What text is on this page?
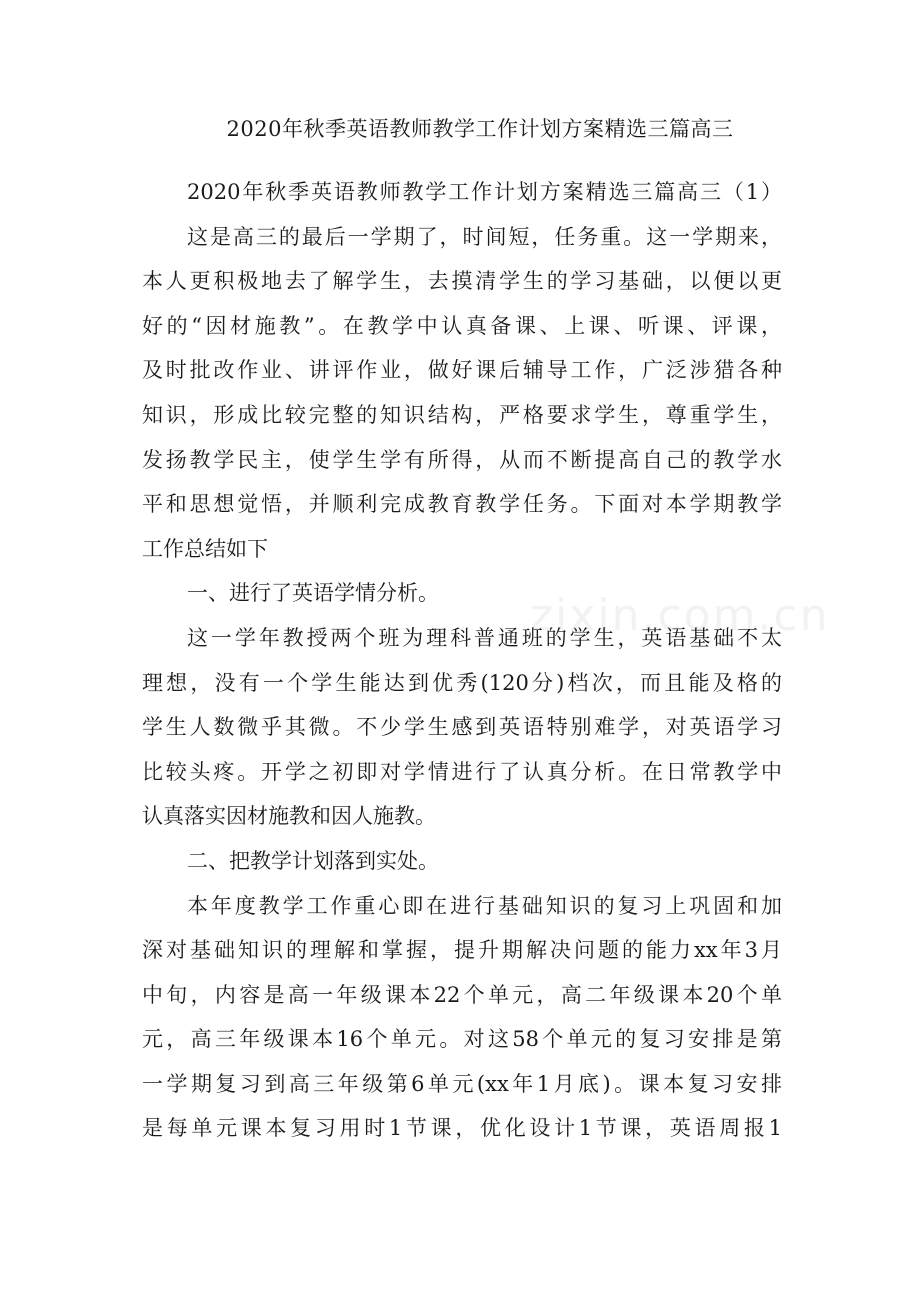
zixin.com.cn
2020年秋季英语教师教学工作计划方案精选三篇高三
2020年秋季英语教师教学工作计划方案精选三篇高三（1）
这是高三的最后一学期了，时间短，任务重。这一学期来，
本人更积极地去了解学生，去摸清学生的学习基础，以便以更
好的“因材施教”。在教学中认真备课、上课、听课、评课，
及时批改作业、讲评作业，做好课后辅导工作，广泛涉猎各种
知识，形成比较完整的知识结构，严格要求学生，尊重学生，
发扬教学民主，使学生学有所得，从而不断提高自己的教学水
平和思想觉悟，并顺利完成教育教学任务。下面对本学期教学
工作总结如下
一、进行了英语学情分析。
这一学年教授两个班为理科普通班的学生，英语基础不太
理想，没有一个学生能达到优秀(120分)档次，而且能及格的
学生人数微乎其微。不少学生感到英语特别难学，对英语学习
比较头疼。开学之初即对学情进行了认真分析。在日常教学中
认真落实因材施教和因人施教。
二、把教学计划落到实处。
本年度教学工作重心即在进行基础知识的复习上巩固和加
深对基础知识的理解和掌握，提升期解决问题的能力xx年3月
中旬，内容是高一年级课本22个单元，高二年级课本20个单
元，高三年级课本16个单元。对这58个单元的复习安排是第
一学期复习到高三年级第6单元(xx年1月底)。课本复习安排
是每单元课本复习用时1节课，优化设计1节课，英语周报1
